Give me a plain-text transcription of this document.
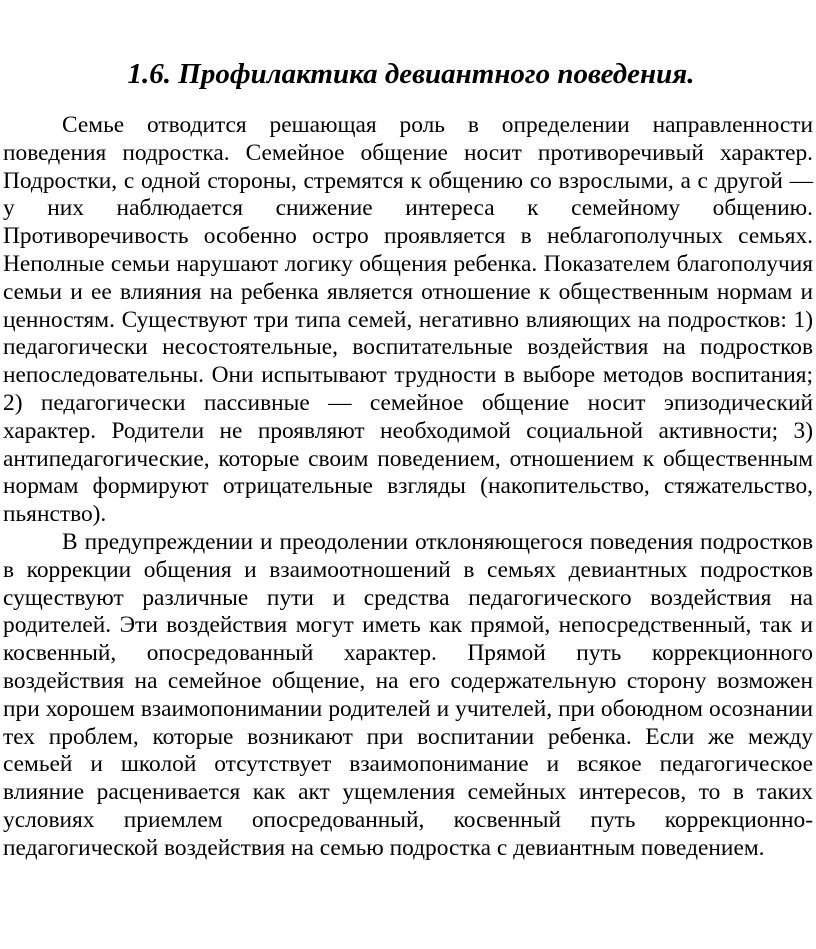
1.6. Профилактика девиантного поведения.

Семье отводится решающая роль в определении направленности поведения подростка. Семейное общение носит противоречивый характер. Подростки, с одной стороны, стремятся к общению со взрослыми, а с другой — у них наблюдается снижение интереса к семейному общению. Противоречивость особенно остро проявляется в неблагополучных семьях. Неполные семьи нарушают логику общения ребенка. Показателем благополучия семьи и ее влияния на ребенка является отношение к общественным нормам и ценностям. Существуют три типа семей, негативно влияющих на подростков: 1) педагогически несостоятельные, воспитательные воздействия на подростков непоследовательны. Они испытывают трудности в выборе методов воспитания; 2) педагогически пассивные — семейное общение носит эпизодический характер. Родители не проявляют необходимой социальной активности; 3) антипедагогические, которые своим поведением, отношением к общественным нормам формируют отрицательные взгляды (накопительство, стяжательство, пьянство).

В предупреждении и преодолении отклоняющегося поведения подростков в коррекции общения и взаимоотношений в семьях девиантных подростков существуют различные пути и средства педагогического воздействия на родителей. Эти воздействия могут иметь как прямой, непосредственный, так и косвенный, опосредованный характер. Прямой путь коррекционного воздействия на семейное общение, на его содержательную сторону возможен при хорошем взаимопонимании родителей и учителей, при обоюдном осознании тех проблем, которые возникают при воспитании ребенка. Если же между семьей и школой отсутствует взаимопонимание и всякое педагогическое влияние расценивается как акт ущемления семейных интересов, то в таких условиях приемлем опосредованный, косвенный путь коррекционно-педагогической воздействия на семью подростка с девиантным поведением.
